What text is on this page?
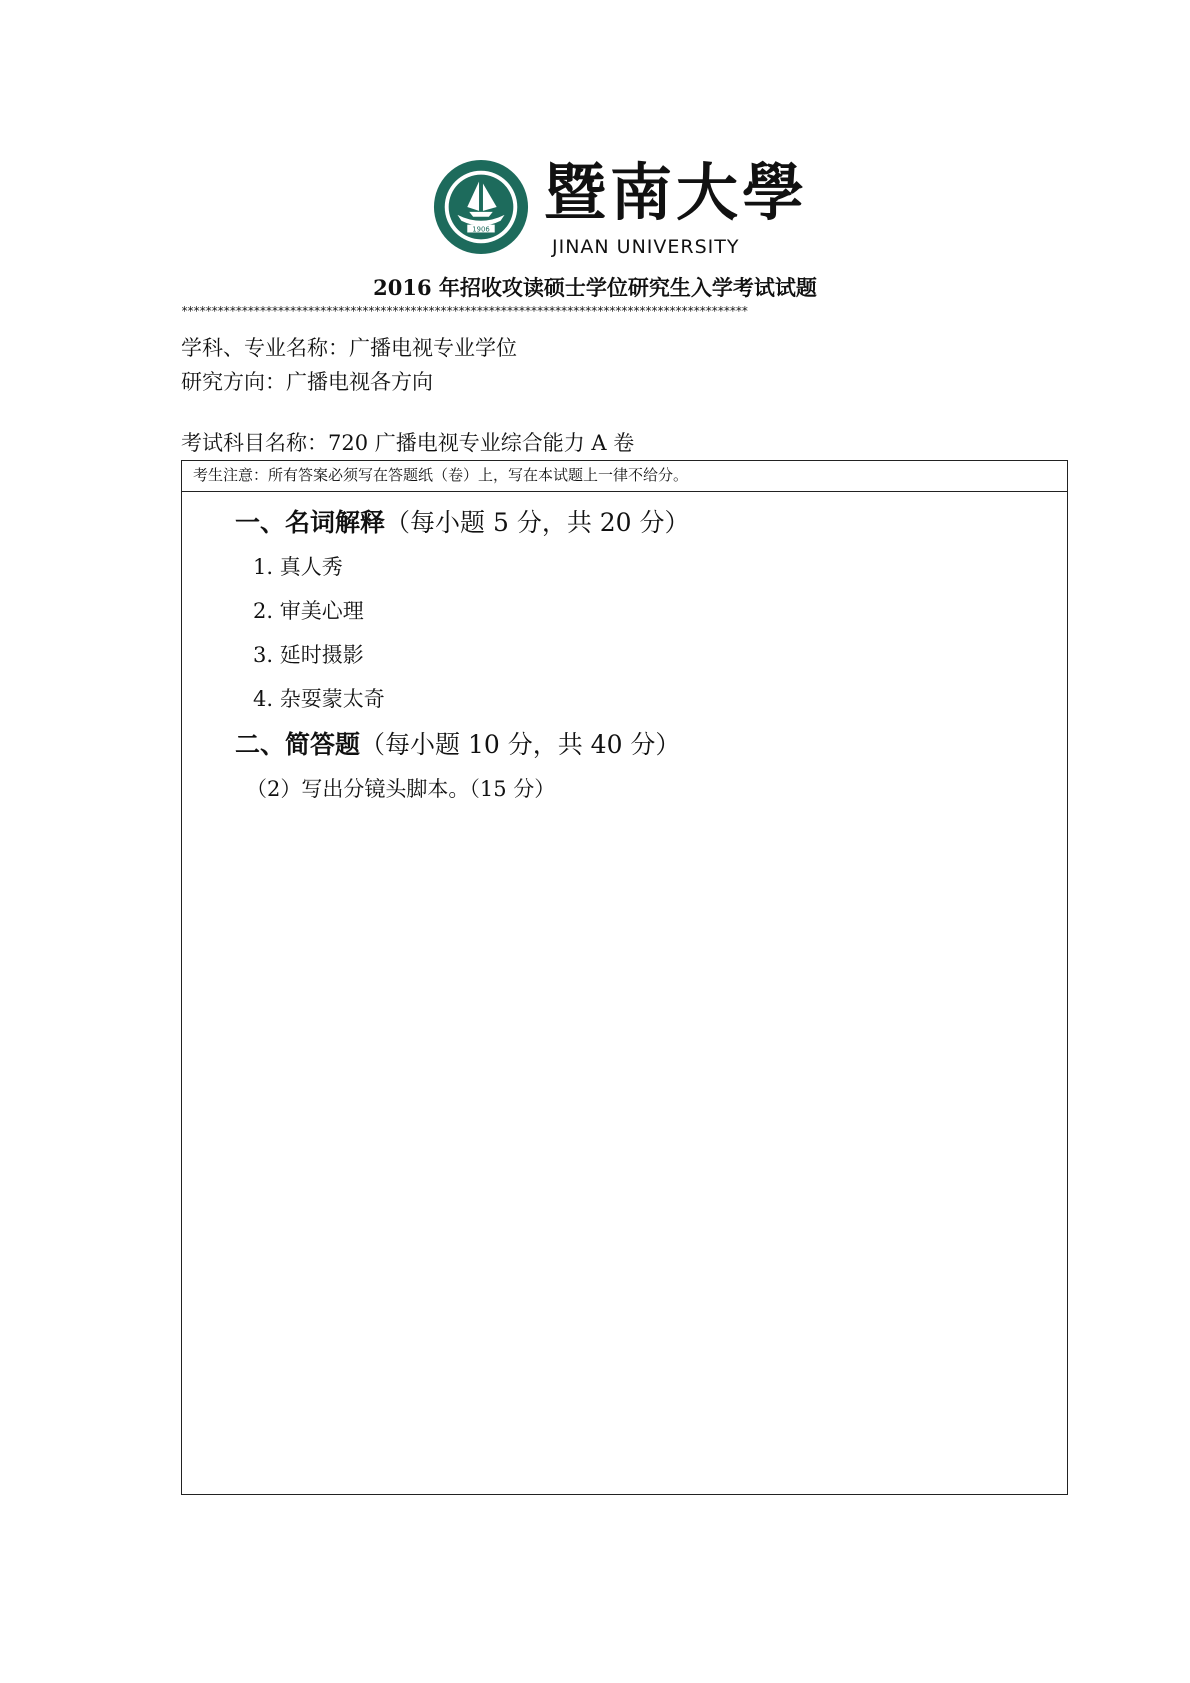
1906
暨南大學
JINAN UNIVERSITY
2016 年招收攻读硕士学位研究生入学考试试题
**********************************************************************************************
学科、专业名称：广播电视专业学位
研究方向：广播电视各方向
考试科目名称：720 广播电视专业综合能力 A 卷
考生注意：所有答案必须写在答题纸（卷）上，写在本试题上一律不给分。
一、名词解释（每小题 5 分，共 20 分）
1. 真人秀
2. 审美心理
3. 延时摄影
4. 杂耍蒙太奇
二、简答题（每小题 10 分，共 40 分）
（2）写出分镜头脚本。（15 分）
